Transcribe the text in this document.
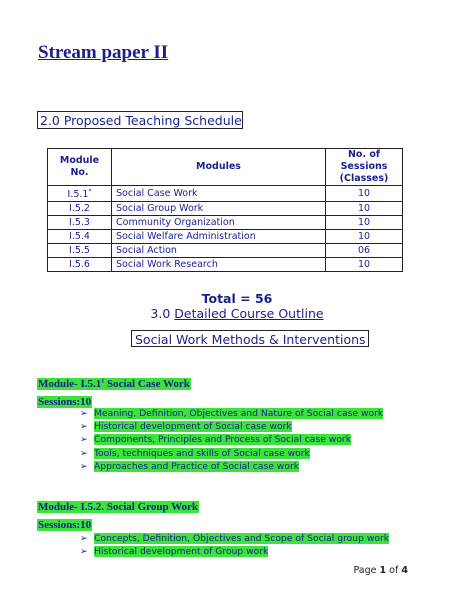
Stream paper II
2.0 Proposed Teaching Schedule
Module No.	Modules	No. of Sessions (Classes)
I.5.1*	Social Case Work	10
I.5.2	Social Group Work	10
I.5.3	Community Organization	10
I.5.4	Social Welfare Administration	10
I.5.5	Social Action	06
I.5.6	Social Work Research	10
Total = 56
3.0 Detailed Course Outline
Social Work Methods & Interventions
Module- I.5.1$^1$ Social Case Work
Sessions:10
➢ Meaning, Definition, Objectives and Nature of Social case work
➢ Historical development of Social case work
➢ Components, Principles and Process of Social case work
➢ Tools, techniques and skills of Social case work
➢ Approaches and Practice of Social case work
Module- I.5.2. Social Group Work
Sessions:10
➢ Concepts, Definition, Objectives and Scope of Social group work
➢ Historical development of Group work
Page 1 of 4
